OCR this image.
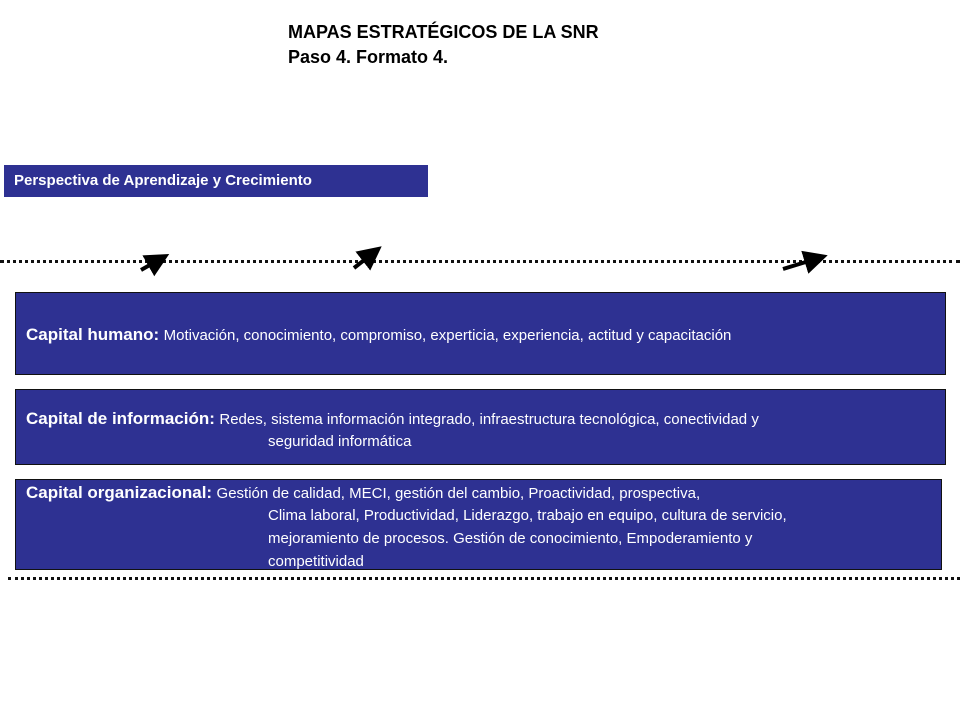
MAPAS ESTRATÉGICOS DE LA SNR
Paso 4. Formato 4.
Perspectiva de Aprendizaje y Crecimiento
Capital humano: Motivación, conocimiento, compromiso, experticia, experiencia, actitud y capacitación
Capital de información: Redes, sistema información integrado, infraestructura tecnológica, conectividad y
seguridad informática
Capital organizacional: Gestión de calidad, MECI, gestión del cambio, Proactividad, prospectiva,
Clima laboral, Productividad, Liderazgo, trabajo en equipo, cultura de servicio,
mejoramiento de procesos. Gestión de conocimiento, Empoderamiento y
competitividad
